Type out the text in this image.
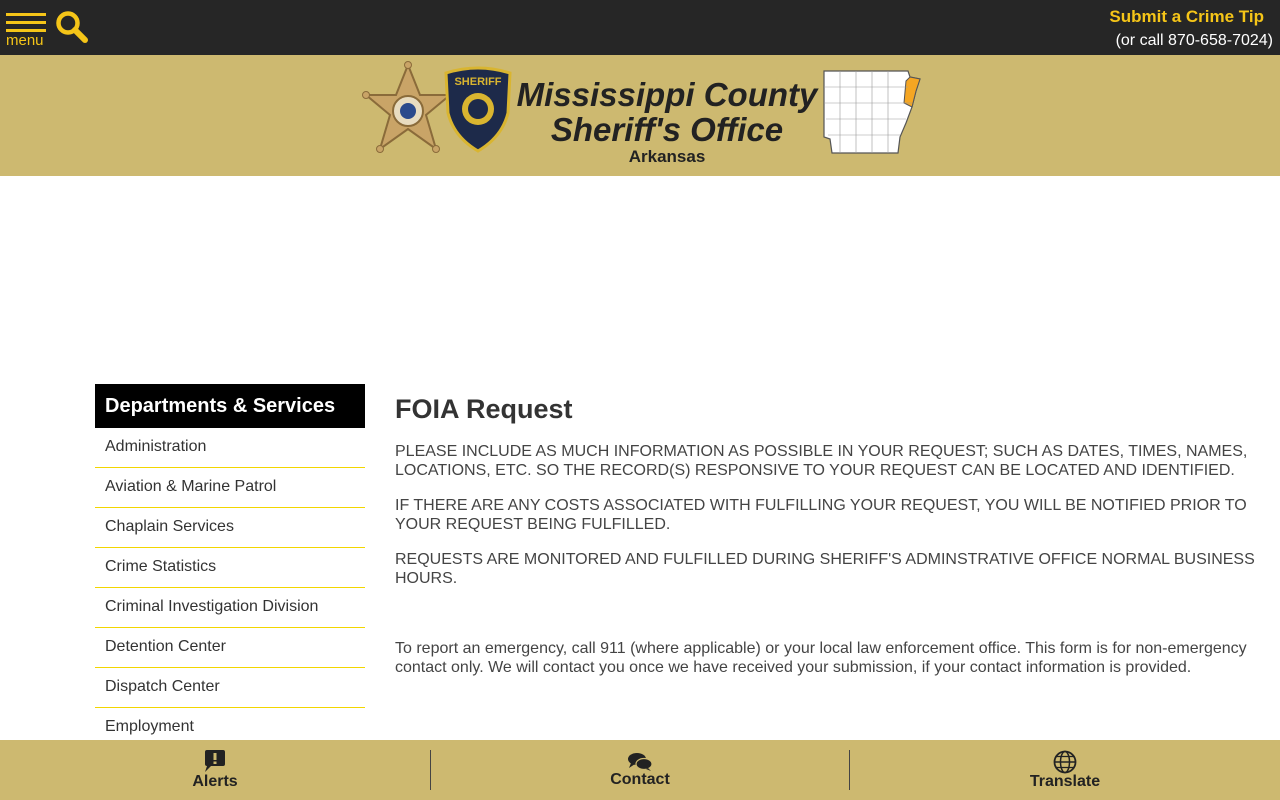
menu
Submit a Crime Tip
(or call 870-658-7024)
SHERIFF Mississippi County
Sheriff's Office
Arkansas
Departments & Services
Administration
Aviation & Marine Patrol
Chaplain Services
Crime Statistics
Criminal Investigation Division
Detention Center
Dispatch Center
Employment
FOIA Request

PLEASE INCLUDE AS MUCH INFORMATION AS POSSIBLE IN YOUR REQUEST; SUCH AS DATES, TIMES, NAMES, LOCATIONS, ETC. SO THE RECORD(S) RESPONSIVE TO YOUR REQUEST CAN BE LOCATED AND IDENTIFIED.

IF THERE ARE ANY COSTS ASSOCIATED WITH FULFILLING YOUR REQUEST, YOU WILL BE NOTIFIED PRIOR TO YOUR REQUEST BEING FULFILLED.

REQUESTS ARE MONITORED AND FULFILLED DURING SHERIFF'S ADMINSTRATIVE OFFICE NORMAL BUSINESS HOURS.

To report an emergency, call 911 (where applicable) or your local law enforcement office. This form is for non-emergency contact only. We will contact you once we have received your submission, if your contact information is provided.

Alerts	Contact	Translate
